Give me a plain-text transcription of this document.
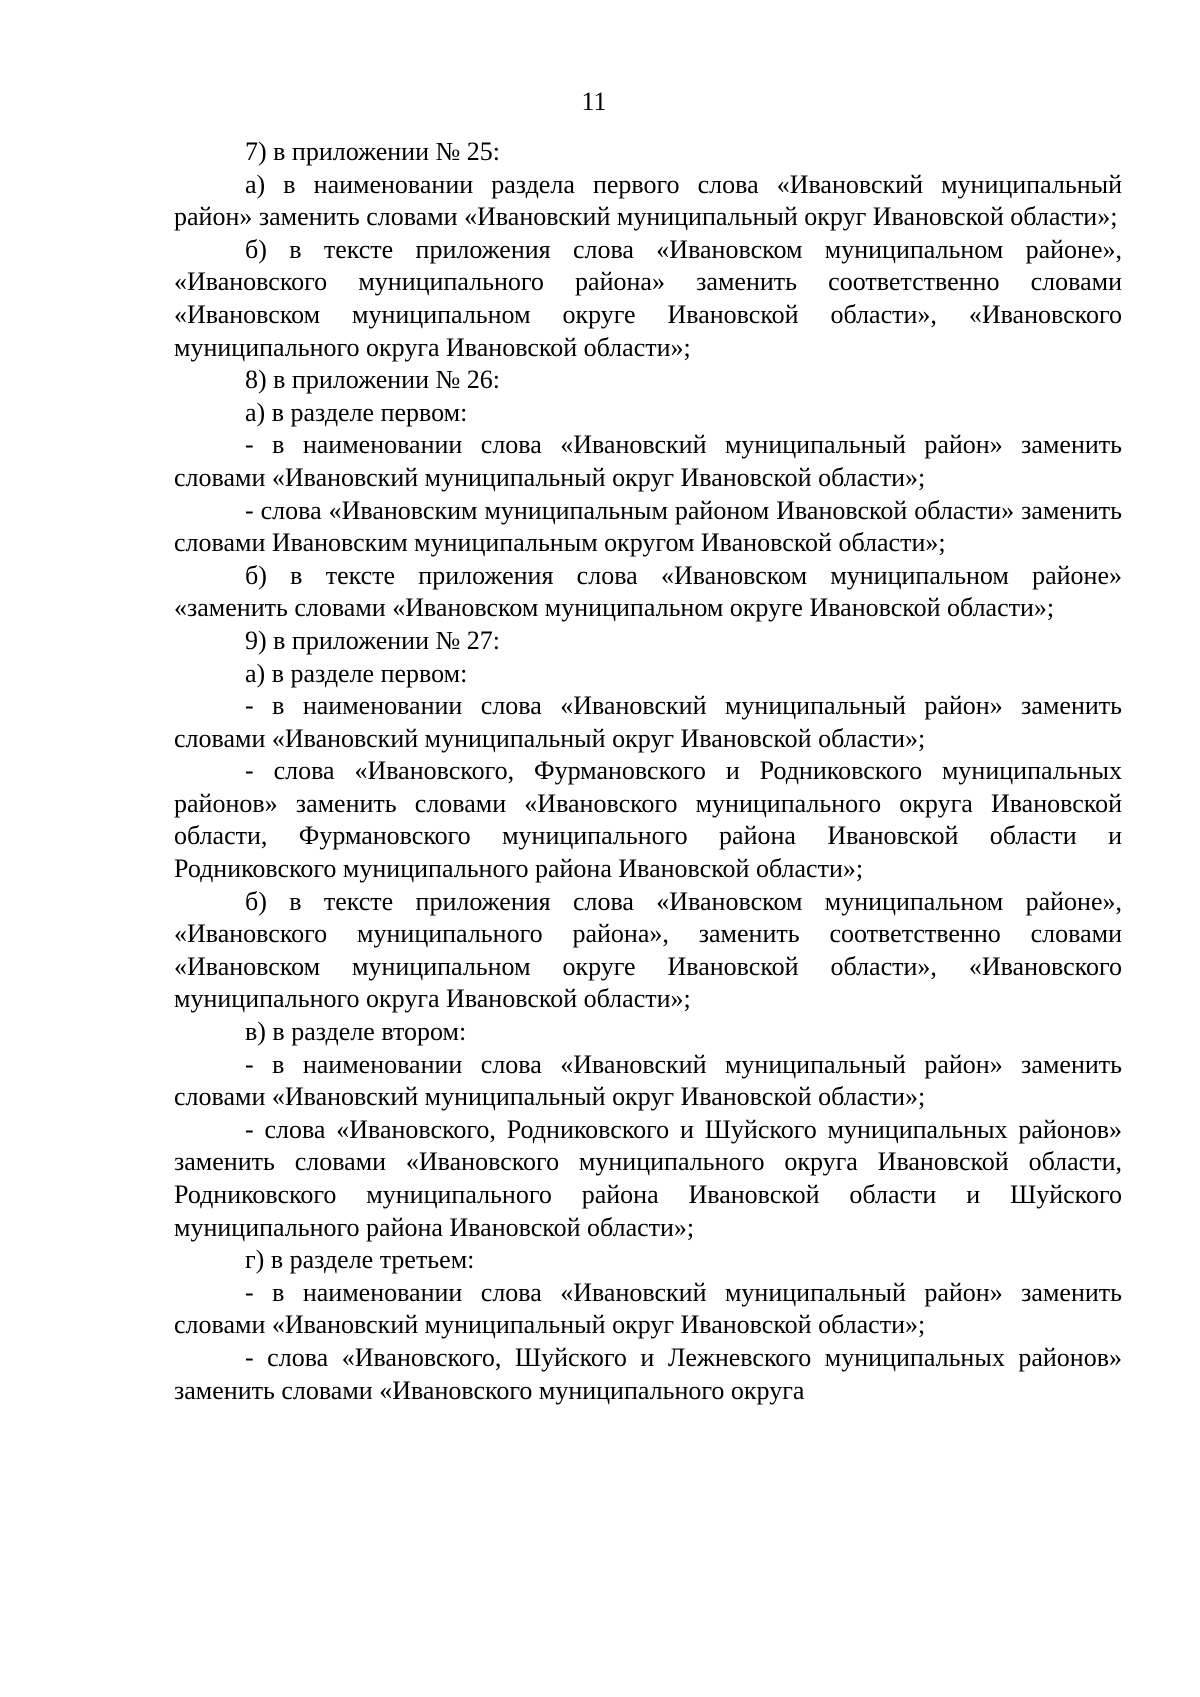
11

7) в приложении № 25:

а) в наименовании раздела первого слова «Ивановский муниципальный район» заменить словами «Ивановский муниципальный округ Ивановской области»;

б) в тексте приложения слова «Ивановском муниципальном районе», «Ивановского муниципального района» заменить соответственно словами «Ивановском муниципальном округе Ивановской области», «Ивановского муниципального округа Ивановской области»;

8) в приложении № 26:

а) в разделе первом:

- в наименовании слова «Ивановский муниципальный район» заменить словами «Ивановский муниципальный округ Ивановской области»;

- слова «Ивановским муниципальным районом Ивановской области» заменить словами Ивановским муниципальным округом Ивановской области»;

б) в тексте приложения слова «Ивановском муниципальном районе» «заменить словами «Ивановском муниципальном округе Ивановской области»;

9) в приложении № 27:

а) в разделе первом:

- в наименовании слова «Ивановский муниципальный район» заменить словами «Ивановский муниципальный округ Ивановской области»;

- слова «Ивановского, Фурмановского и Родниковского муниципальных районов» заменить словами «Ивановского муниципального округа Ивановской области, Фурмановского муниципального района Ивановской области и Родниковского муниципального района Ивановской области»;

б) в тексте приложения слова «Ивановском муниципальном районе», «Ивановского муниципального района», заменить соответственно словами «Ивановском муниципальном округе Ивановской области», «Ивановского муниципального округа Ивановской области»;

в) в разделе втором:

- в наименовании слова «Ивановский муниципальный район» заменить словами «Ивановский муниципальный округ Ивановской области»;

- слова «Ивановского, Родниковского и Шуйского муниципальных районов» заменить словами «Ивановского муниципального округа Ивановской области, Родниковского муниципального района Ивановской области и Шуйского муниципального района Ивановской области»;

г) в разделе третьем:

- в наименовании слова «Ивановский муниципальный район» заменить словами «Ивановский муниципальный округ Ивановской области»;

- слова «Ивановского, Шуйского и Лежневского муниципальных районов» заменить словами «Ивановского муниципального округа
